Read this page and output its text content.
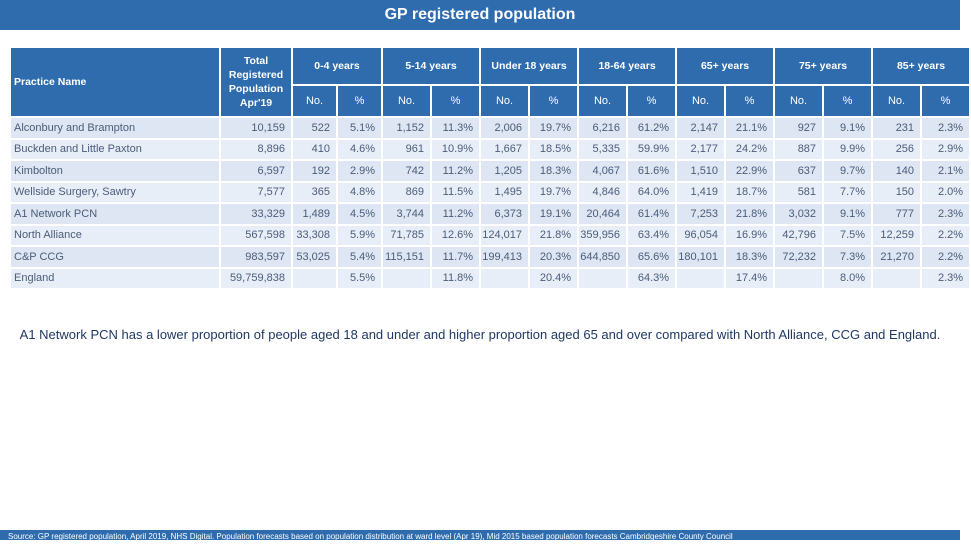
GP registered population
Practice Name	Total Registered Population Apr'19	0-4 years		5-14 years		Under 18 years		18-64 years		65+ years		75+ years		85+ years	
		No.	%	No.	%	No.	%	No.	%	No.	%	No.	%	No.	%
Alconbury and Brampton	10,159	522	5.1%	1,152	11.3%	2,006	19.7%	6,216	61.2%	2,147	21.1%	927	9.1%	231	2.3%
Buckden and Little Paxton	8,896	410	4.6%	961	10.9%	1,667	18.5%	5,335	59.9%	2,177	24.2%	887	9.9%	256	2.9%
Kimbolton	6,597	192	2.9%	742	11.2%	1,205	18.3%	4,067	61.6%	1,510	22.9%	637	9.7%	140	2.1%
Wellside Surgery, Sawtry	7,577	365	4.8%	869	11.5%	1,495	19.7%	4,846	64.0%	1,419	18.7%	581	7.7%	150	2.0%
A1 Network PCN	33,329	1,489	4.5%	3,744	11.2%	6,373	19.1%	20,464	61.4%	7,253	21.8%	3,032	9.1%	777	2.3%
North Alliance	567,598	33,308	5.9%	71,785	12.6%	124,017	21.8%	359,956	63.4%	96,054	16.9%	42,796	7.5%	12,259	2.2%
C&P CCG	983,597	53,025	5.4%	115,151	11.7%	199,413	20.3%	644,850	65.6%	180,101	18.3%	72,232	7.3%	21,270	2.2%
England	59,759,838		5.5%		11.8%		20.4%		64.3%		17.4%		8.0%		2.3%
A1 Network PCN has a lower proportion of people aged 18 and under and higher proportion aged 65 and over compared with North Alliance, CCG and England.
Source: GP registered population, April 2019, NHS Digital. Population forecasts based on population distribution at ward level (Apr 19), Mid 2015 based population forecasts Cambridgeshire County Council
